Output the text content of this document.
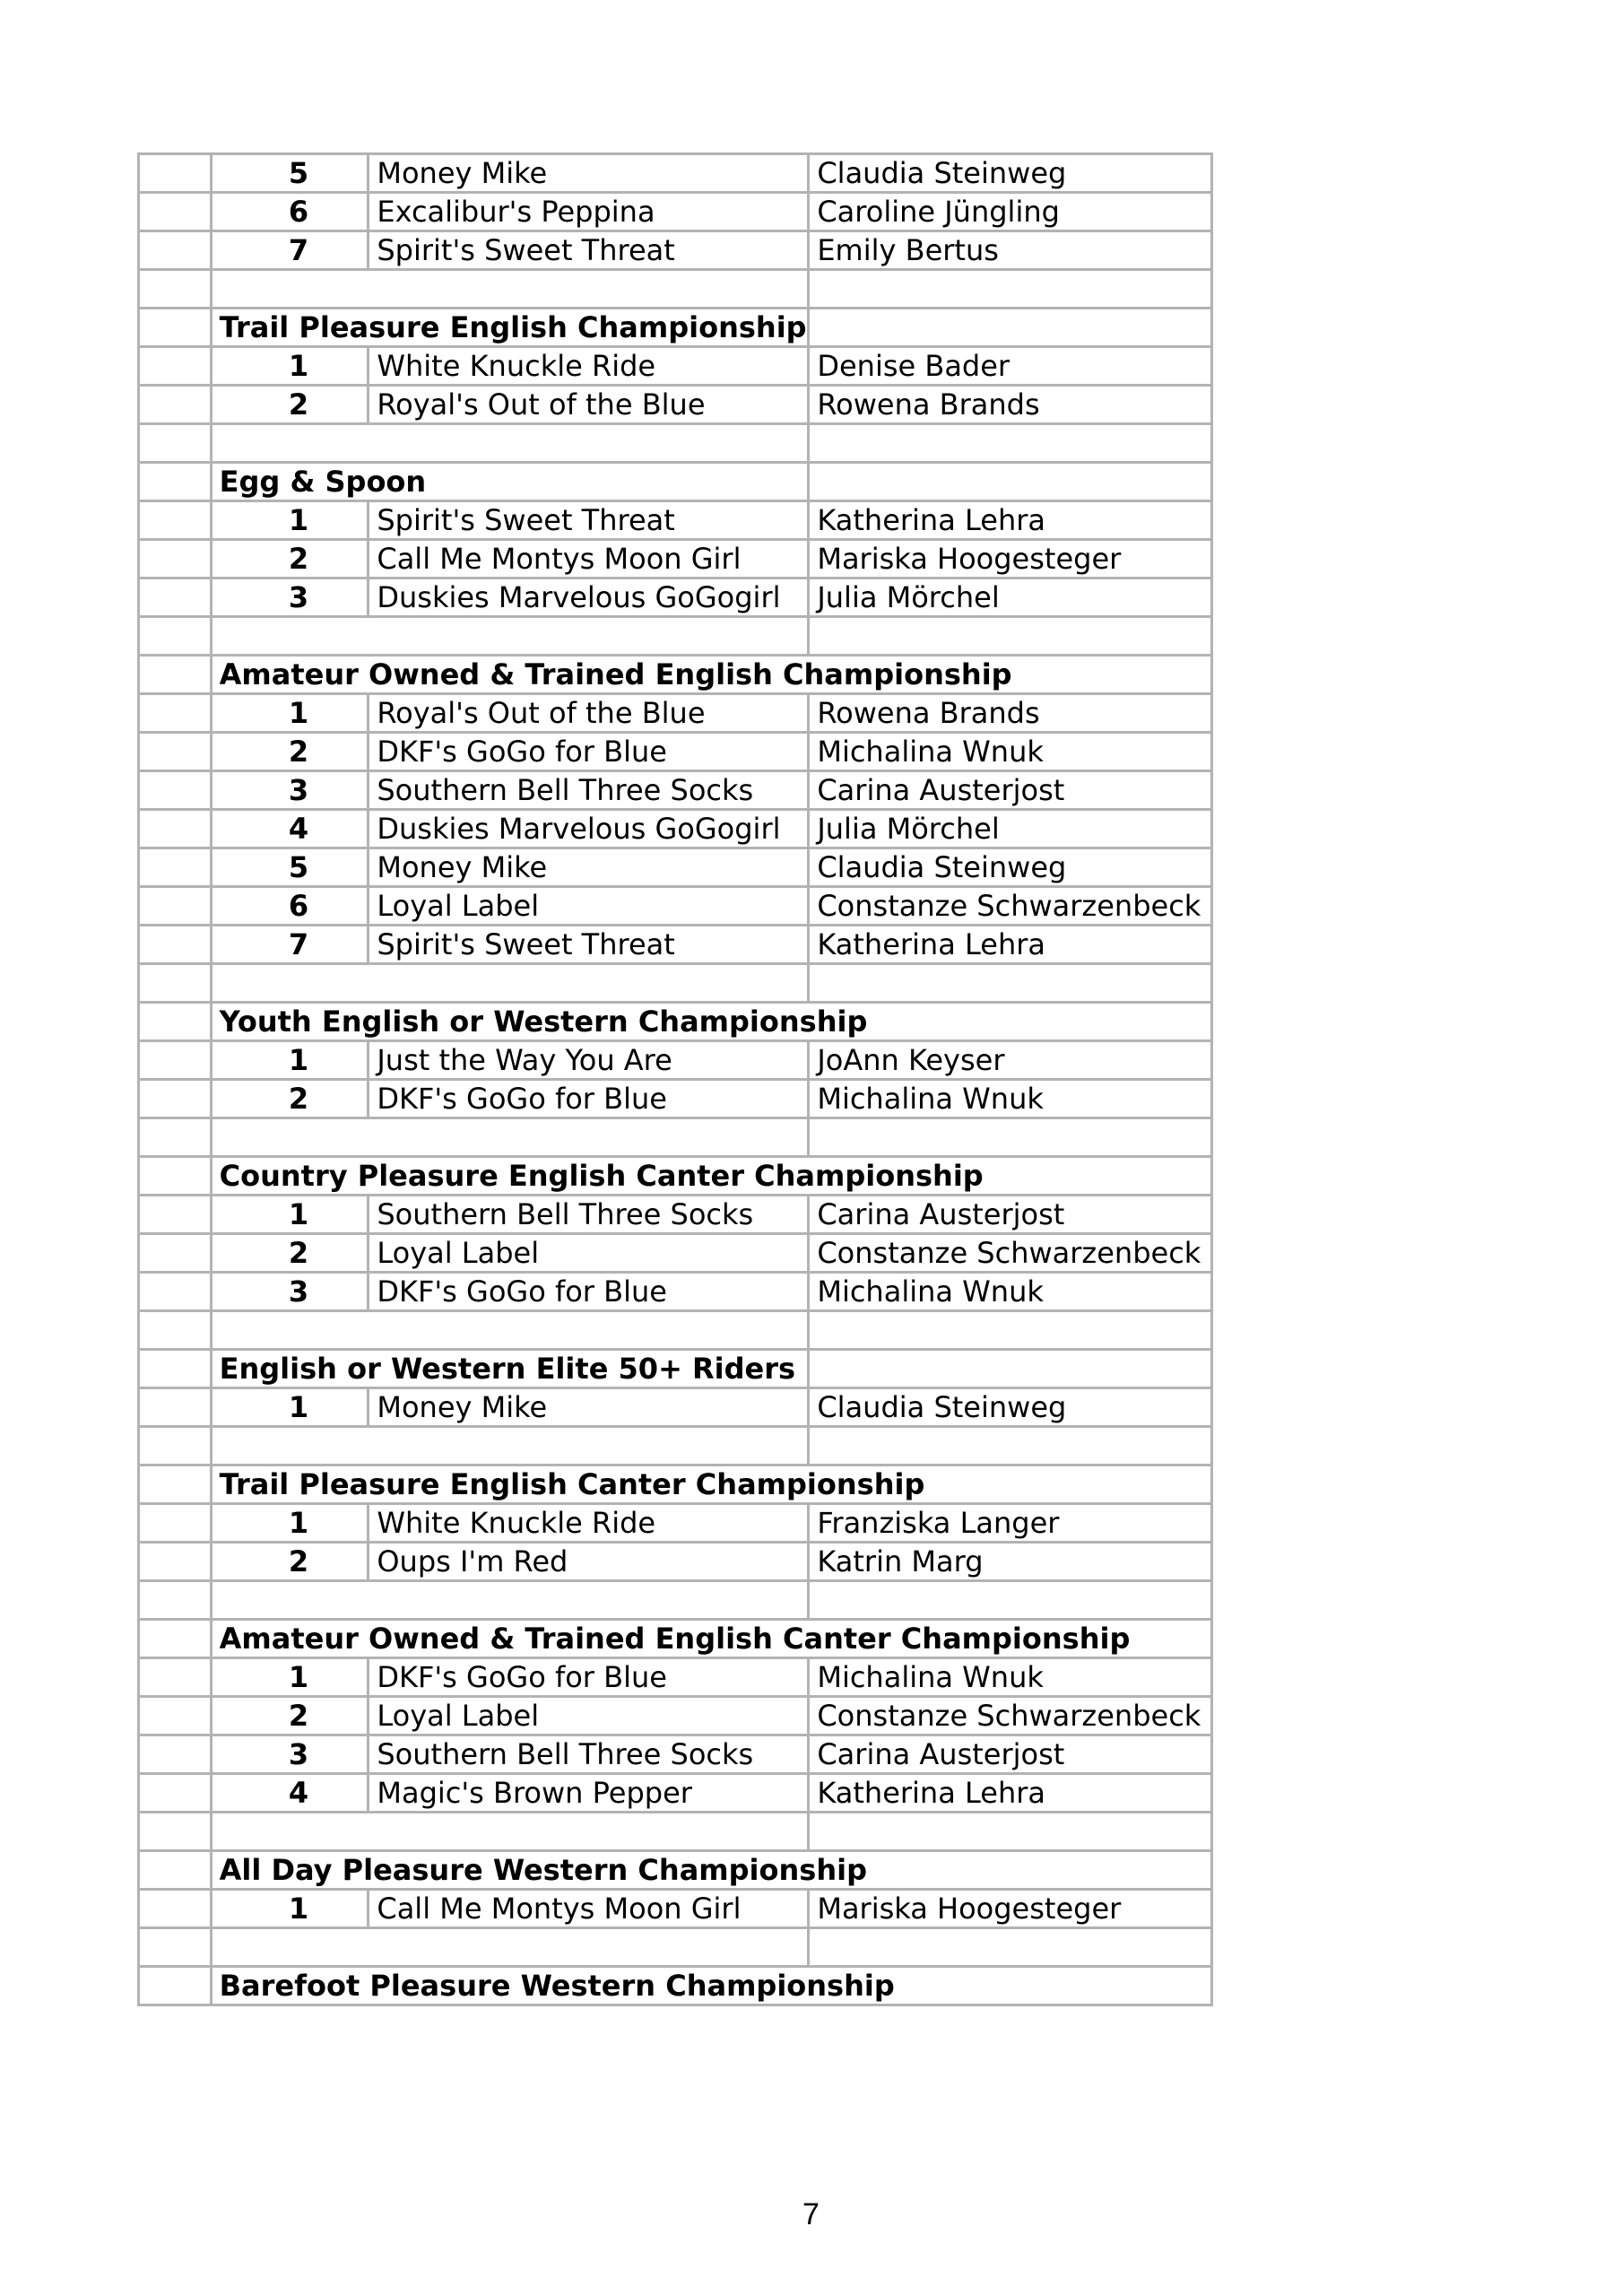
	5	Money Mike	Claudia Steinweg
	6	Excalibur's Peppina	Caroline Jüngling
	7	Spirit's Sweet Threat	Emily Bertus

	Trail Pleasure English Championship		
	1	White Knuckle Ride	Denise Bader
	2	Royal's Out of the Blue	Rowena Brands

	Egg & Spoon		
	1	Spirit's Sweet Threat	Katherina Lehra
	2	Call Me Montys Moon Girl	Mariska Hoogesteger
	3	Duskies Marvelous GoGogirl	Julia Mörchel

	Amateur Owned & Trained English Championship		
	1	Royal's Out of the Blue	Rowena Brands
	2	DKF's GoGo for Blue	Michalina Wnuk
	3	Southern Bell Three Socks	Carina Austerjost
	4	Duskies Marvelous GoGogirl	Julia Mörchel
	5	Money Mike	Claudia Steinweg
	6	Loyal Label	Constanze Schwarzenbeck
	7	Spirit's Sweet Threat	Katherina Lehra

	Youth English or Western Championship		
	1	Just the Way You Are	JoAnn Keyser
	2	DKF's GoGo for Blue	Michalina Wnuk

	Country Pleasure English Canter Championship		
	1	Southern Bell Three Socks	Carina Austerjost
	2	Loyal Label	Constanze Schwarzenbeck
	3	DKF's GoGo for Blue	Michalina Wnuk

	English or Western Elite 50+ Riders		
	1	Money Mike	Claudia Steinweg

	Trail Pleasure English Canter Championship		
	1	White Knuckle Ride	Franziska Langer
	2	Oups I'm Red	Katrin Marg

	Amateur Owned & Trained English Canter Championship		
	1	DKF's GoGo for Blue	Michalina Wnuk
	2	Loyal Label	Constanze Schwarzenbeck
	3	Southern Bell Three Socks	Carina Austerjost
	4	Magic's Brown Pepper	Katherina Lehra

	All Day Pleasure Western Championship		
	1	Call Me Montys Moon Girl	Mariska Hoogesteger

	Barefoot Pleasure Western Championship		
7
